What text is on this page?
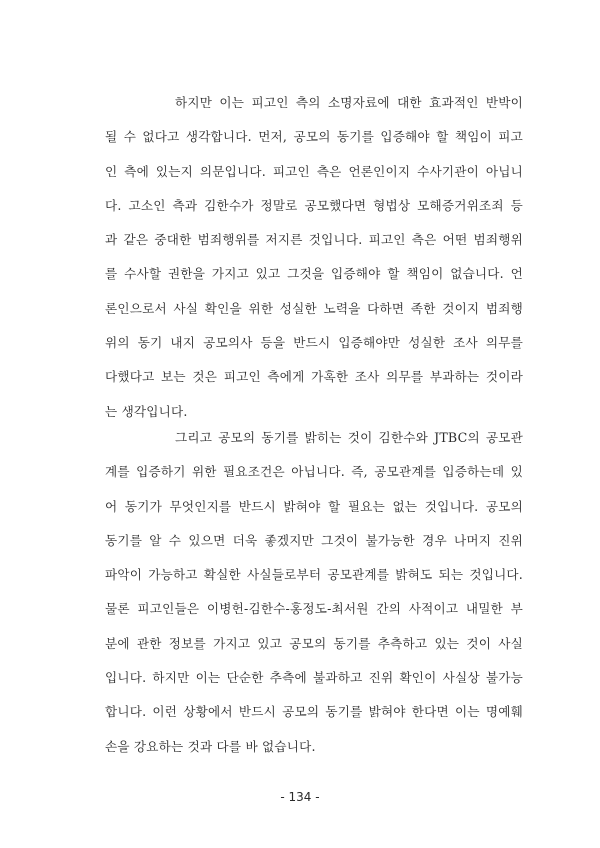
하지만 이는 피고인 측의 소명자료에 대한 효과적인 반박이
될 수 없다고 생각합니다. 먼저, 공모의 동기를 입증해야 할 책임이 피고
인 측에 있는지 의문입니다. 피고인 측은 언론인이지 수사기관이 아닙니
다. 고소인 측과 김한수가 정말로 공모했다면 형법상 모해증거위조죄 등
과 같은 중대한 범죄행위를 저지른 것입니다. 피고인 측은 어떤 범죄행위
를 수사할 권한을 가지고 있고 그것을 입증해야 할 책임이 없습니다. 언
론인으로서 사실 확인을 위한 성실한 노력을 다하면 족한 것이지 범죄행
위의 동기 내지 공모의사 등을 반드시 입증해야만 성실한 조사 의무를
다했다고 보는 것은 피고인 측에게 가혹한 조사 의무를 부과하는 것이라
는 생각입니다.
그리고 공모의 동기를 밝히는 것이 김한수와 JTBC의 공모관
계를 입증하기 위한 필요조건은 아닙니다. 즉, 공모관계를 입증하는데 있
어 동기가 무엇인지를 반드시 밝혀야 할 필요는 없는 것입니다. 공모의
동기를 알 수 있으면 더욱 좋겠지만 그것이 불가능한 경우 나머지 진위
파악이 가능하고 확실한 사실들로부터 공모관계를 밝혀도 되는 것입니다.
물론 피고인들은 이병헌-김한수-홍정도-최서원 간의 사적이고 내밀한 부
분에 관한 정보를 가지고 있고 공모의 동기를 추측하고 있는 것이 사실
입니다. 하지만 이는 단순한 추측에 불과하고 진위 확인이 사실상 불가능
합니다. 이런 상황에서 반드시 공모의 동기를 밝혀야 한다면 이는 명예훼
손을 강요하는 것과 다를 바 없습니다.
- 134 -
